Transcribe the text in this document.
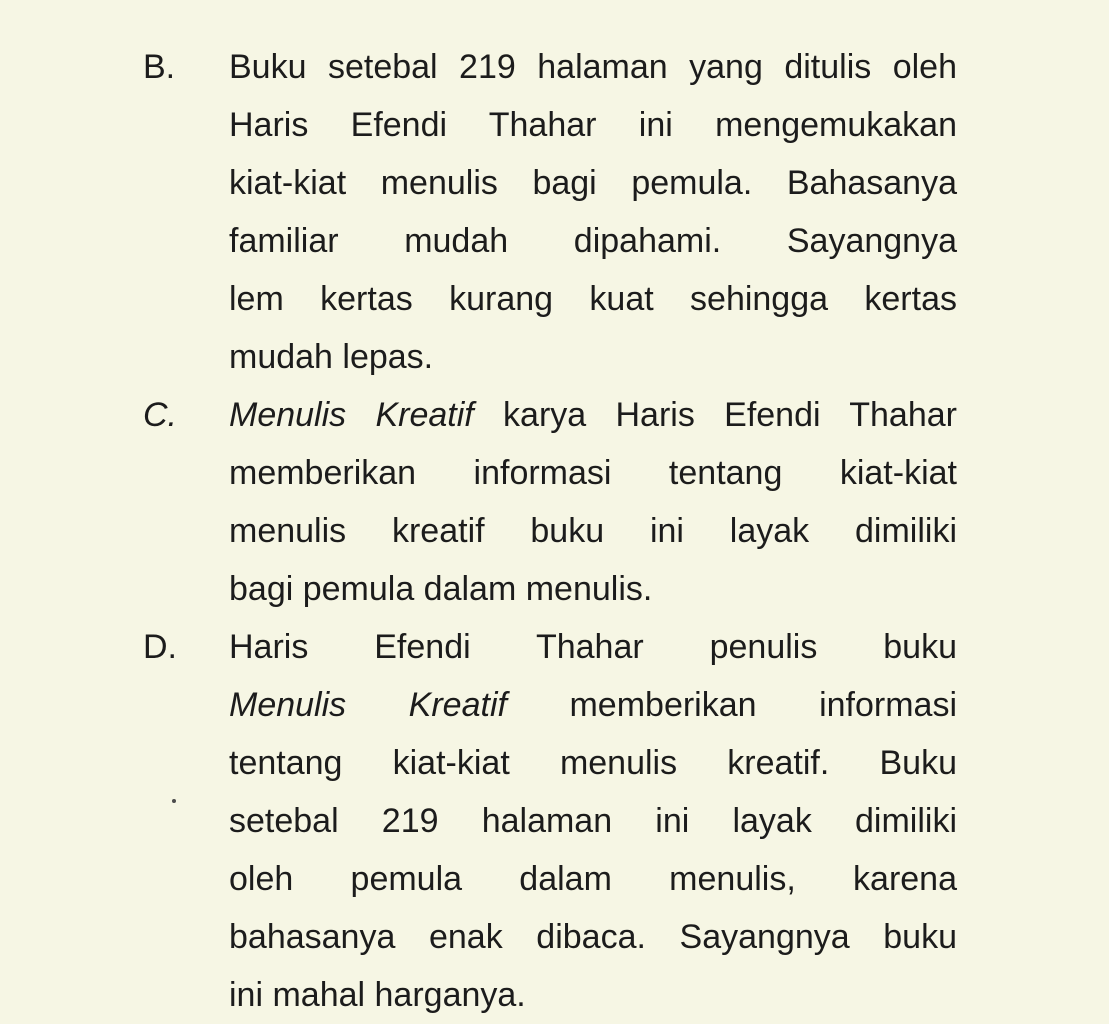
B.	Buku setebal 219 halaman yang ditulis oleh
Haris Efendi Thahar ini mengemukakan
kiat-kiat menulis bagi pemula. Bahasanya
familiar mudah dipahami. Sayangnya
lem kertas kurang kuat sehingga kertas
mudah lepas.
C.	Menulis Kreatif karya Haris Efendi Thahar
memberikan informasi tentang kiat-kiat
menulis kreatif buku ini layak dimiliki
bagi pemula dalam menulis.
D.	Haris Efendi Thahar penulis buku
Menulis Kreatif memberikan informasi
tentang kiat-kiat menulis kreatif. Buku
setebal 219 halaman ini layak dimiliki
oleh pemula dalam menulis, karena
bahasanya enak dibaca. Sayangnya buku
ini mahal harganya.
